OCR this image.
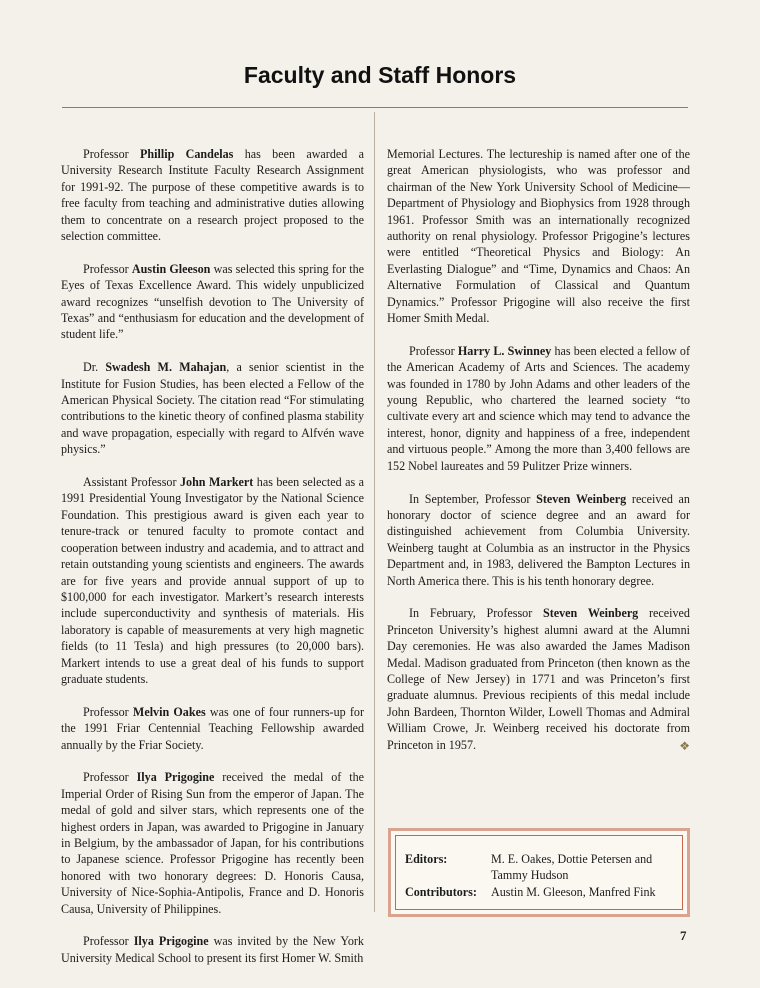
Faculty and Staff Honors

Professor Phillip Candelas has been awarded a University Research Institute Faculty Research Assignment for 1991-92. The purpose of these competitive awards is to free faculty from teaching and administrative duties allowing them to concentrate on a research project proposed to the selection committee.

Professor Austin Gleeson was selected this spring for the Eyes of Texas Excellence Award. This widely unpublicized award recognizes “unselfish devotion to The University of Texas” and “enthusiasm for education and the development of student life.”

Dr. Swadesh M. Mahajan, a senior scientist in the Institute for Fusion Studies, has been elected a Fellow of the American Physical Society. The citation read “For stimulating contributions to the kinetic theory of confined plasma stability and wave propagation, especially with regard to Alfvén wave physics.”

Assistant Professor John Markert has been selected as a 1991 Presidential Young Investigator by the National Science Foundation. This prestigious award is given each year to tenure-track or tenured faculty to promote contact and cooperation between industry and academia, and to attract and retain outstanding young scientists and engineers. The awards are for five years and provide annual support of up to $100,000 for each investigator. Markert’s research interests include superconductivity and synthesis of materials. His laboratory is capable of measurements at very high magnetic fields (to 11 Tesla) and high pressures (to 20,000 bars). Markert intends to use a great deal of his funds to support graduate students.

Professor Melvin Oakes was one of four runners-up for the 1991 Friar Centennial Teaching Fellowship awarded annually by the Friar Society.

Professor Ilya Prigogine received the medal of the Imperial Order of Rising Sun from the emperor of Japan. The medal of gold and silver stars, which represents one of the highest orders in Japan, was awarded to Prigogine in January in Belgium, by the ambassador of Japan, for his contributions to Japanese science. Professor Prigogine has recently been honored with two honorary degrees: D. Honoris Causa, University of Nice-Sophia-Antipolis, France and D. Honoris Causa, University of Philippines.

Professor Ilya Prigogine was invited by the New York University Medical School to present its first Homer W. Smith

Memorial Lectures. The lectureship is named after one of the great American physiologists, who was professor and chairman of the New York University School of Medicine—Department of Physiology and Biophysics from 1928 through 1961. Professor Smith was an internationally recognized authority on renal physiology. Professor Prigogine’s lectures were entitled “Theoretical Physics and Biology: An Everlasting Dialogue” and “Time, Dynamics and Chaos: An Alternative Formulation of Classical and Quantum Dynamics.” Professor Prigogine will also receive the first Homer Smith Medal.

Professor Harry L. Swinney has been elected a fellow of the American Academy of Arts and Sciences. The academy was founded in 1780 by John Adams and other leaders of the young Republic, who chartered the learned society “to cultivate every art and science which may tend to advance the interest, honor, dignity and happiness of a free, independent and virtuous people.” Among the more than 3,400 fellows are 152 Nobel laureates and 59 Pulitzer Prize winners.

In September, Professor Steven Weinberg received an honorary doctor of science degree and an award for distinguished achievement from Columbia University. Weinberg taught at Columbia as an instructor in the Physics Department and, in 1983, delivered the Bampton Lectures in North America there. This is his tenth honorary degree.

In February, Professor Steven Weinberg received Princeton University’s highest alumni award at the Alumni Day ceremonies. He was also awarded the James Madison Medal. Madison graduated from Princeton (then known as the College of New Jersey) in 1771 and was Princeton’s first graduate alumnus. Previous recipients of this medal include John Bardeen, Thornton Wilder, Lowell Thomas and Admiral William Crowe, Jr. Weinberg received his doctorate from Princeton in 1957.	❖

Editors:	M. E. Oakes, Dottie Petersen and Tammy Hudson
Contributors:	Austin M. Gleeson, Manfred Fink
7
